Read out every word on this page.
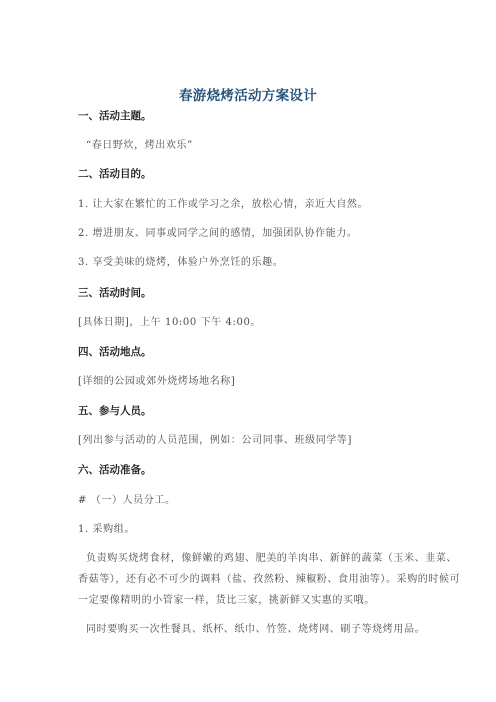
春游烧烤活动方案设计
一、活动主题。
“春日野炊，烤出欢乐”
二、活动目的。
1. 让大家在繁忙的工作或学习之余，放松心情，亲近大自然。
2. 增进朋友、同事或同学之间的感情，加强团队协作能力。
3. 享受美味的烧烤，体验户外烹饪的乐趣。
三、活动时间。
[具体日期]，上午 10:00 下午 4:00。
四、活动地点。
[详细的公园或郊外烧烤场地名称]
五、参与人员。
[列出参与活动的人员范围，例如：公司同事、班级同学等]
六、活动准备。
# （一）人员分工。
1. 采购组。
负责购买烧烤食材，像鲜嫩的鸡翅、肥美的羊肉串、新鲜的蔬菜（玉米、韭菜、
香菇等），还有必不可少的调料（盐、孜然粉、辣椒粉、食用油等）。采购的时候可
一定要像精明的小管家一样，货比三家，挑新鲜又实惠的买哦。
同时要购买一次性餐具、纸杯、纸巾、竹签、烧烤网、刷子等烧烤用品。
